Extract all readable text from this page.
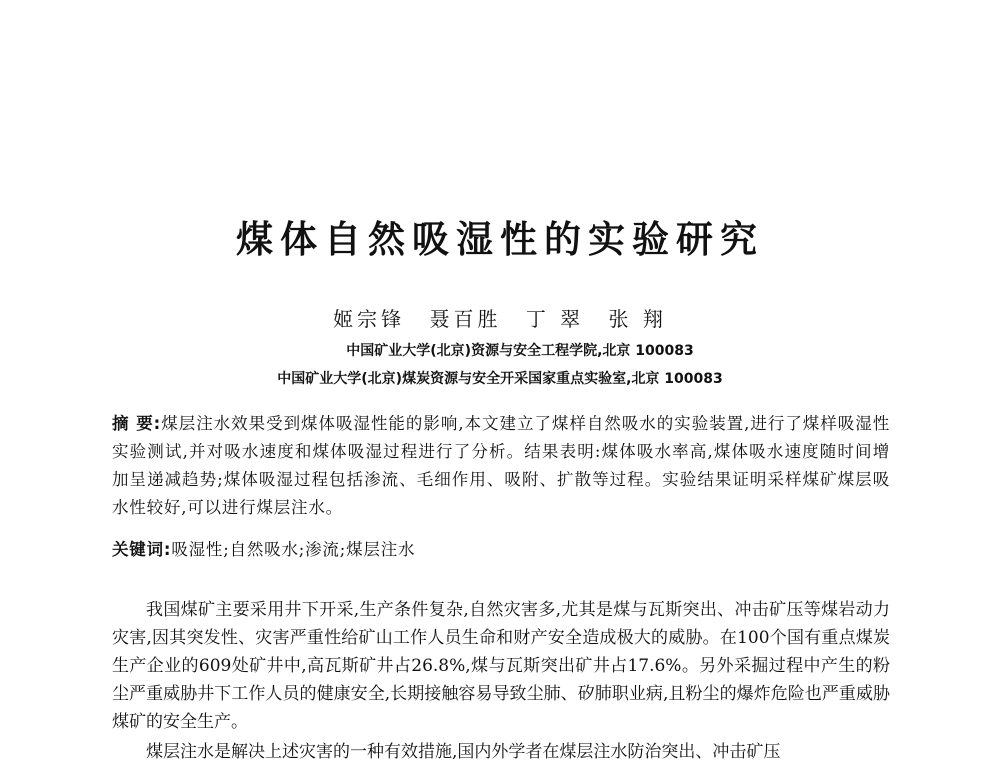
煤体自然吸湿性的实验研究
姬宗锋 聂百胜 丁 翠 张 翔
中国矿业大学(北京)资源与安全工程学院,北京 100083
中国矿业大学(北京)煤炭资源与安全开采国家重点实验室,北京 100083
摘 要:煤层注水效果受到煤体吸湿性能的影响,本文建立了煤样自然吸水的实验装置,进行了煤样吸湿性实验测试,并对吸水速度和煤体吸湿过程进行了分析。结果表明:煤体吸水率高,煤体吸水速度随时间增加呈递减趋势;煤体吸湿过程包括渗流、毛细作用、吸附、扩散等过程。实验结果证明采样煤矿煤层吸水性较好,可以进行煤层注水。
关键词:吸湿性;自然吸水;渗流;煤层注水

我国煤矿主要采用井下开采,生产条件复杂,自然灾害多,尤其是煤与瓦斯突出、冲击矿压等煤岩动力灾害,因其突发性、灾害严重性给矿山工作人员生命和财产安全造成极大的威胁。在100个国有重点煤炭生产企业的609处矿井中,高瓦斯矿井占26.8%,煤与瓦斯突出矿井占17.6%。另外采掘过程中产生的粉尘严重威胁井下工作人员的健康安全,长期接触容易导致尘肺、矽肺职业病,且粉尘的爆炸危险也严重威胁煤矿的安全生产。

煤层注水是解决上述灾害的一种有效措施,国内外学者在煤层注水防治突出、冲击矿压
